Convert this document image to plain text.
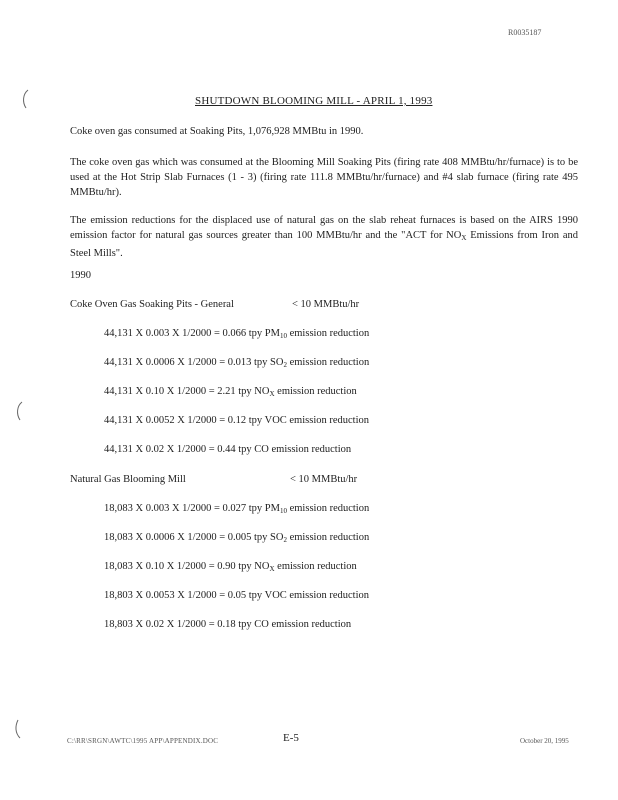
R0035187
SHUTDOWN BLOOMING MILL - APRIL 1, 1993
Coke oven gas consumed at Soaking Pits, 1,076,928 MMBtu in 1990.
The coke oven gas which was consumed at the Blooming Mill Soaking Pits (firing rate 408 MMBtu/hr/furnace) is to be used at the Hot Strip Slab Furnaces (1 - 3) (firing rate 111.8 MMBtu/hr/furnace) and #4 slab furnace (firing rate 495 MMBtu/hr).
The emission reductions for the displaced use of natural gas on the slab reheat furnaces is based on the AIRS 1990 emission factor for natural gas sources greater than 100 MMBtu/hr and the "ACT for $NO_X$ Emissions from Iron and Steel Mills".
1990
Coke Oven Gas Soaking Pits - General	< 10 MMBtu/hr
44,131 X 0.003 X 1/2000 = 0.066 tpy $PM_{10}$ emission reduction
44,131 X 0.0006 X 1/2000 = 0.013 tpy $SO_2$ emission reduction
44,131 X 0.10 X 1/2000 = 2.21 tpy $NO_X$ emission reduction
44,131 X 0.0052 X 1/2000 = 0.12 tpy VOC emission reduction
44,131 X 0.02 X 1/2000 = 0.44 tpy CO emission reduction
Natural Gas Blooming Mill	< 10 MMBtu/hr
18,083 X 0.003 X 1/2000 = 0.027 tpy $PM_{10}$ emission reduction
18,083 X 0.0006 X 1/2000 = 0.005 tpy $SO_2$ emission reduction
18,083 X 0.10 X 1/2000 = 0.90 tpy $NO_X$ emission reduction
18,803 X 0.0053 X 1/2000 = 0.05 tpy VOC emission reduction
18,803 X 0.02 X 1/2000 = 0.18 tpy CO emission reduction
C:\RR\SRGN\AWTC\1995 APP\APPENDIX.DOC	E-5	October 20, 1995
